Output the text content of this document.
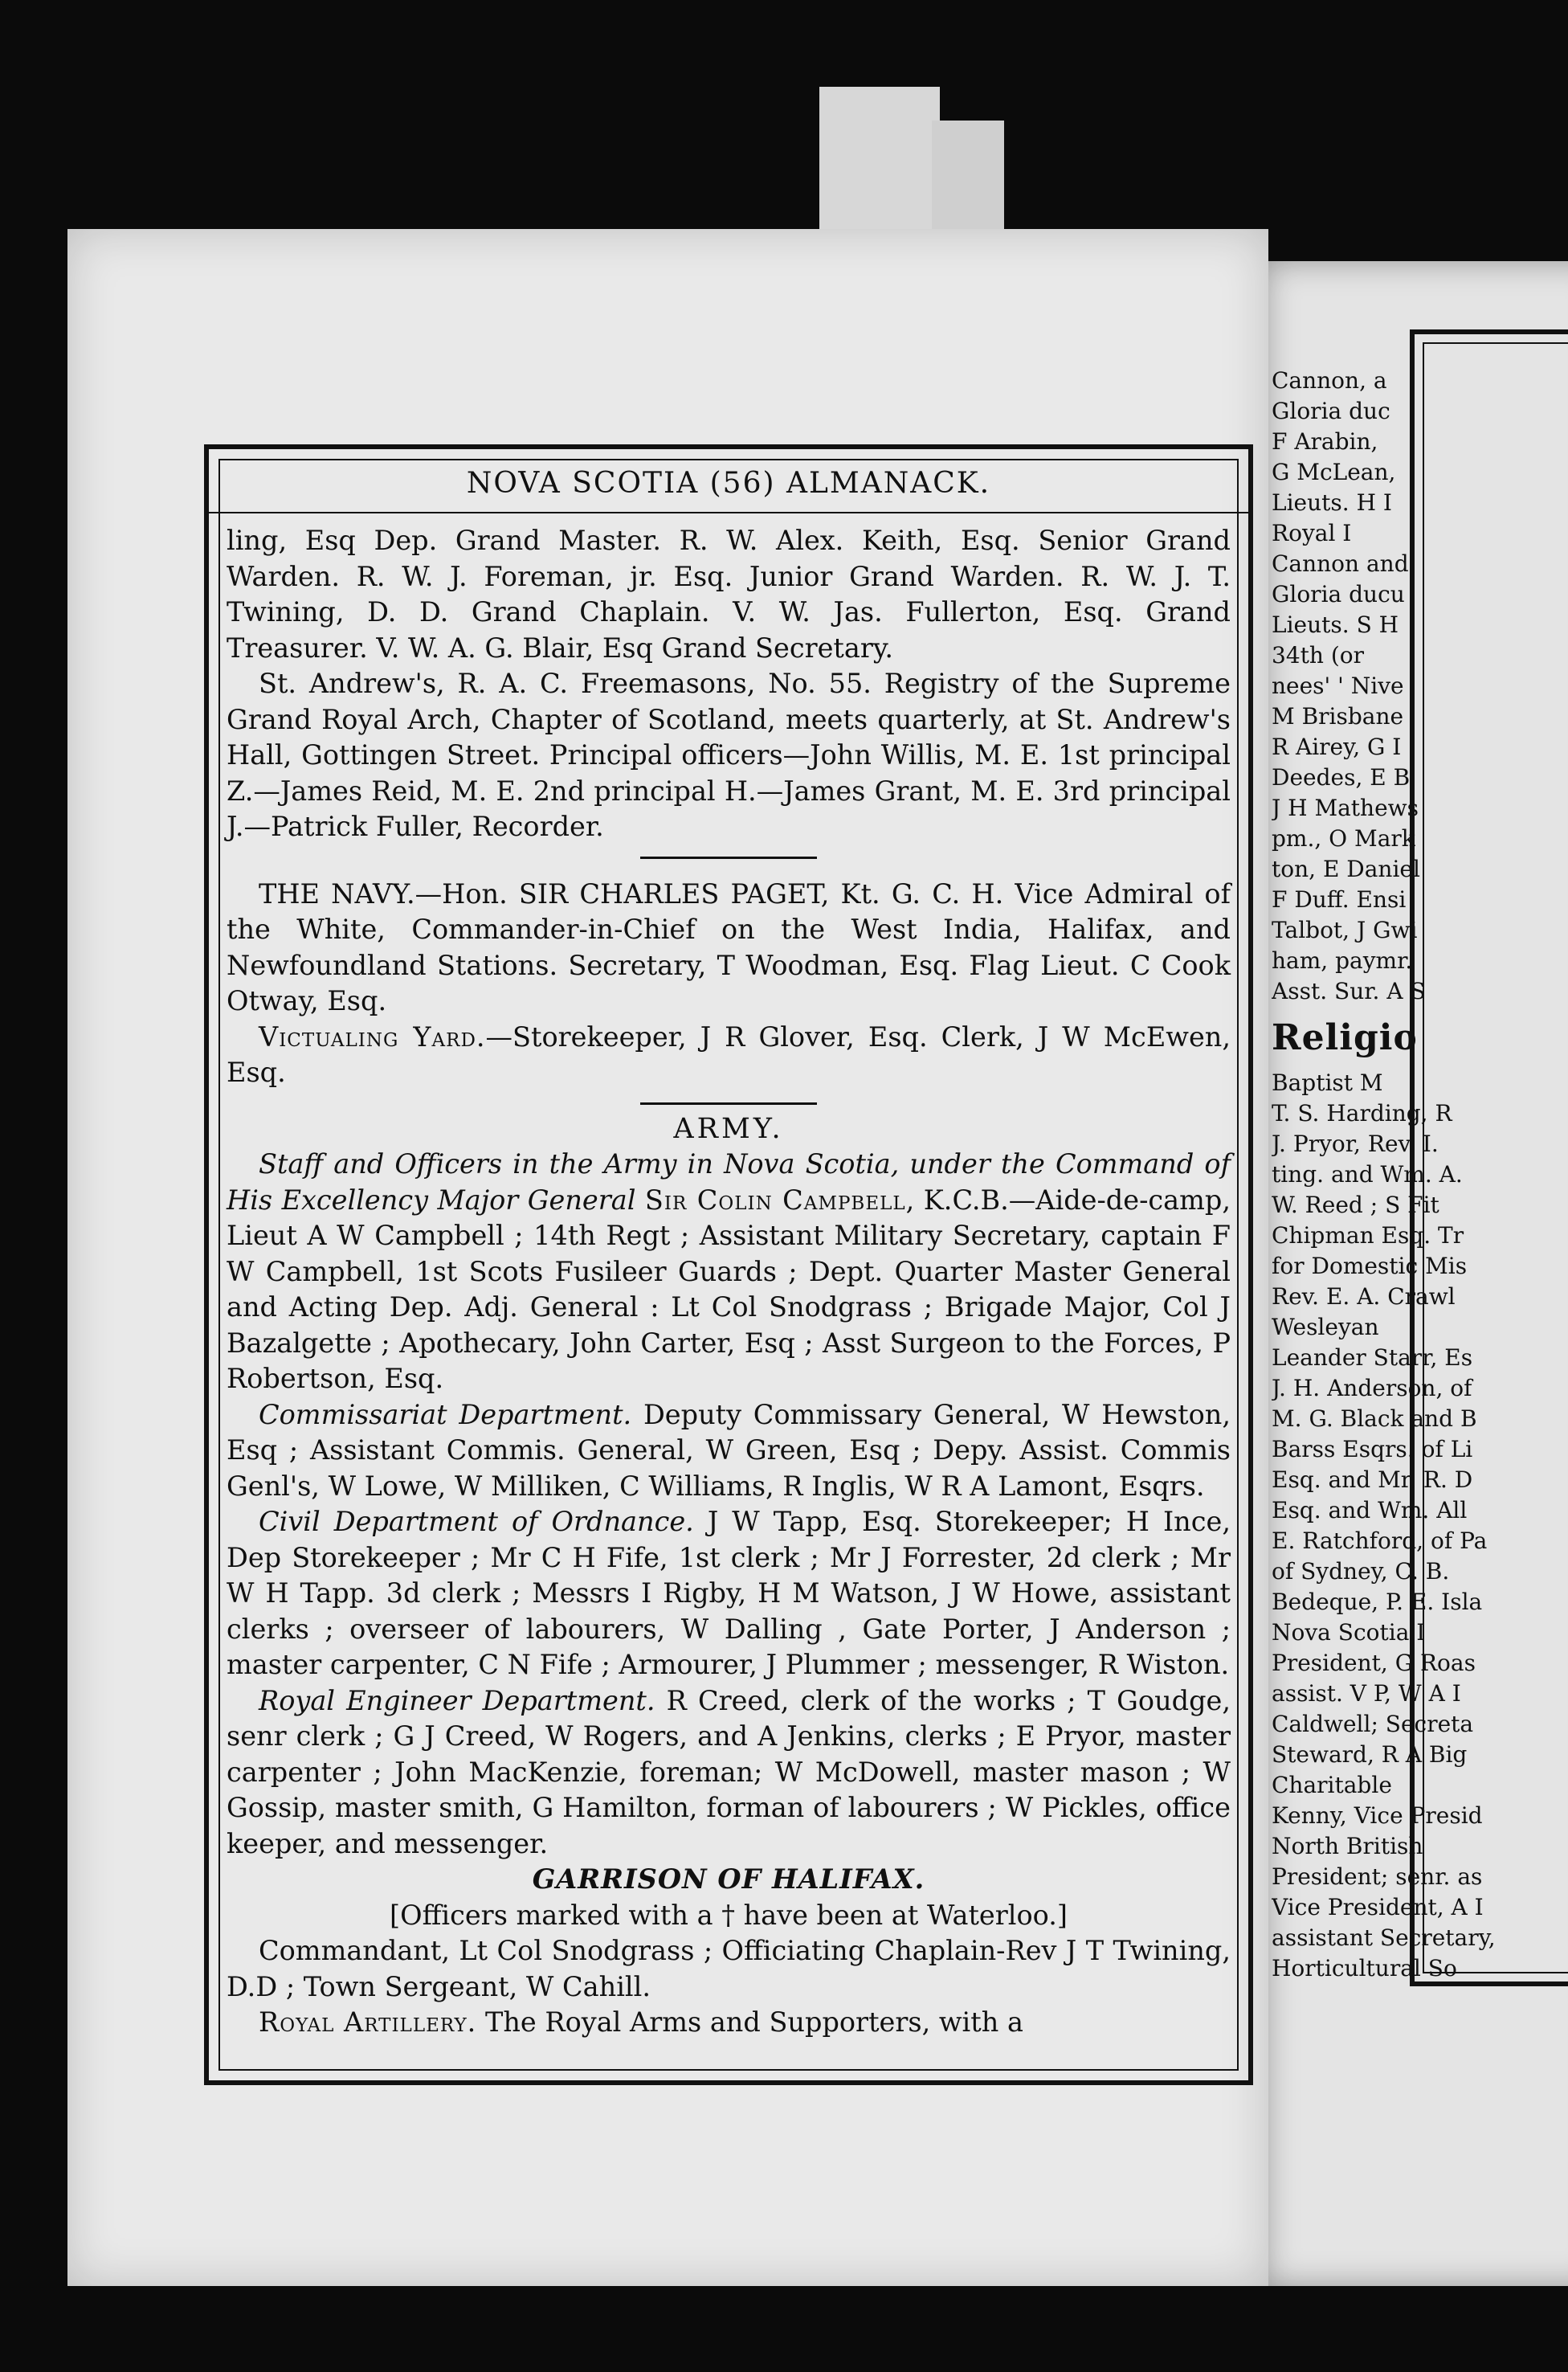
Cannon, a
Gloria duc
F Arabin,
G McLean,
Lieuts. H I
Royal I
Cannon and
Gloria ducu
Lieuts. S H
34th (or
nees' ' Nive
M Brisbane
R Airey, G I
Deedes, E B
J H Mathews
pm., O Mark
ton, E Daniel
F Duff. Ensi
Talbot, J Gwi
ham, paymr.
Asst. Sur. A S
Religio
Baptist M
T. S. Harding, R
J. Pryor, Rev. I.
ting. and Wm. A.
W. Reed ; S Fit
Chipman Esq. Tr
for Domestic Mis
Rev. E. A. Crawl
Wesleyan
Leander Starr, Es
J. H. Anderson, of
M. G. Black and B
Barss Esqrs. of Li
Esq. and Mr. R. D
Esq. and Wm. All
E. Ratchford, of Pa
of Sydney, C. B.
Bedeque, P. E. Isla
Nova Scotia I
President, G Roas
assist. V P, W A I
Caldwell; Secreta
Steward, R A Big
Charitable
Kenny, Vice Presid
North British
President; senr. as
Vice President, A I
assistant Secretary,
Horticultural So
NOVA SCOTIA (56) ALMANACK.

ling, Esq Dep. Grand Master. R. W. Alex. Keith, Esq. Senior Grand Warden. R. W. J. Foreman, jr. Esq. Junior Grand Warden. R. W. J. T. Twining, D. D. Grand Chaplain. V. W. Jas. Fullerton, Esq. Grand Treasurer. V. W. A. G. Blair, Esq Grand Secretary.

St. Andrew's, R. A. C. Freemasons, No. 55. Registry of the Supreme Grand Royal Arch, Chapter of Scotland, meets quarterly, at St. Andrew's Hall, Gottingen Street. Principal officers—John Willis, M. E. 1st principal Z.—James Reid, M. E. 2nd principal H.—James Grant, M. E. 3rd principal J.—Patrick Fuller, Recorder.

THE NAVY.—Hon. SIR CHARLES PAGET, Kt. G. C. H. Vice Admiral of the White, Commander-in-Chief on the West India, Halifax, and Newfoundland Stations. Secretary, T Woodman, Esq. Flag Lieut. C Cook Otway, Esq.

Victualing Yard.—Storekeeper, J R Glover, Esq. Clerk, J W McEwen, Esq.

ARMY.

Staff and Officers in the Army in Nova Scotia, under the Command of His Excellency Major General Sir Colin Campbell, K.C.B.—Aide-de-camp, Lieut A W Campbell ; 14th Regt ; Assistant Military Secretary, captain F W Campbell, 1st Scots Fusileer Guards ; Dept. Quarter Master General and Acting Dep. Adj. General : Lt Col Snodgrass ; Brigade Major, Col J Bazalgette ; Apothecary, John Carter, Esq ; Asst Surgeon to the Forces, P Robertson, Esq.

Commissariat Department. Deputy Commissary General, W Hewston, Esq ; Assistant Commis. General, W Green, Esq ; Depy. Assist. Commis Genl's, W Lowe, W Milliken, C Williams, R Inglis, W R A Lamont, Esqrs.

Civil Department of Ordnance. J W Tapp, Esq. Storekeeper; H Ince, Dep Storekeeper ; Mr C H Fife, 1st clerk ; Mr J Forrester, 2d clerk ; Mr W H Tapp. 3d clerk ; Messrs I Rigby, H M Watson, J W Howe, assistant clerks ; overseer of labourers, W Dalling , Gate Porter, J Anderson ; master carpenter, C N Fife ; Armourer, J Plummer ; messenger, R Wiston.

Royal Engineer Department. R Creed, clerk of the works ; T Goudge, senr clerk ; G J Creed, W Rogers, and A Jenkins, clerks ; E Pryor, master carpenter ; John MacKenzie, foreman; W McDowell, master mason ; W Gossip, master smith, G Hamilton, forman of labourers ; W Pickles, office keeper, and messenger.

GARRISON OF HALIFAX.

[Officers marked with a † have been at Waterloo.]

Commandant, Lt Col Snodgrass ; Officiating Chaplain-Rev J T Twining, D.D ; Town Sergeant, W Cahill.

Royal Artillery. The Royal Arms and Supporters, with a
